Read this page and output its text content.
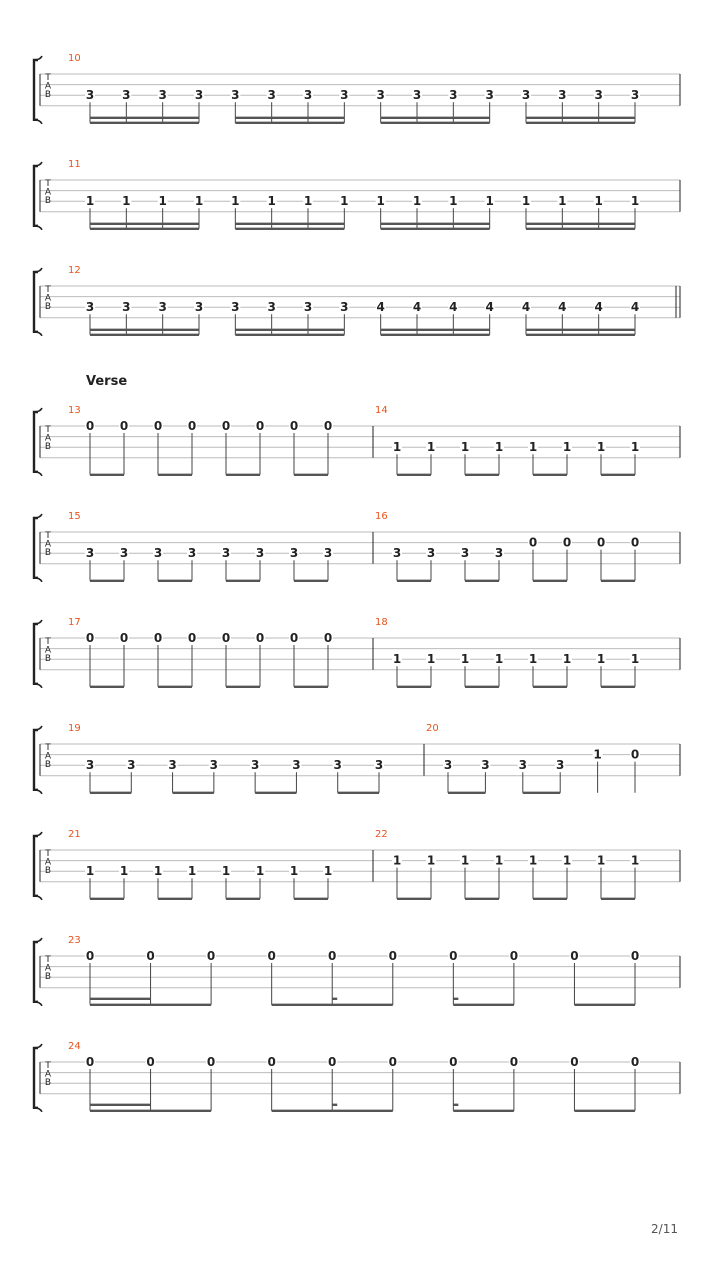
T
A
B
10
3 3 3 3 3 3 3 3 3 3 3 3 3 3 3 3
T
A
B
11
1 1 1 1 1 1 1 1 1 1 1 1 1 1 1 1
T
A
B
12
3 3 3 3 3 3 3 3 4 4 4 4 4 4 4 4
Verse
T
A
B
13
0 0 0 0 0 0 0 0
14
1 1 1 1 1 1 1 1
T
A
B
15
3 3 3 3 3 3 3 3
16
3 3 3 3
0 0 0 0
T
A
B
17
0 0 0 0 0 0 0 0
18
1 1 1 1 1 1 1 1
T
A
B
19
3	3	3	3	3	3	3	3
20
3 3 3 3
1 0
T
A
B
21
1 1 1 1 1 1 1 1
22
1 1 1 1 1 1 1 1
T
A
B
23
0	0	0	0	0	0	0	0	0	0
T
A
B
24
0	0	0	0	0	0	0	0	0	0
2/11
